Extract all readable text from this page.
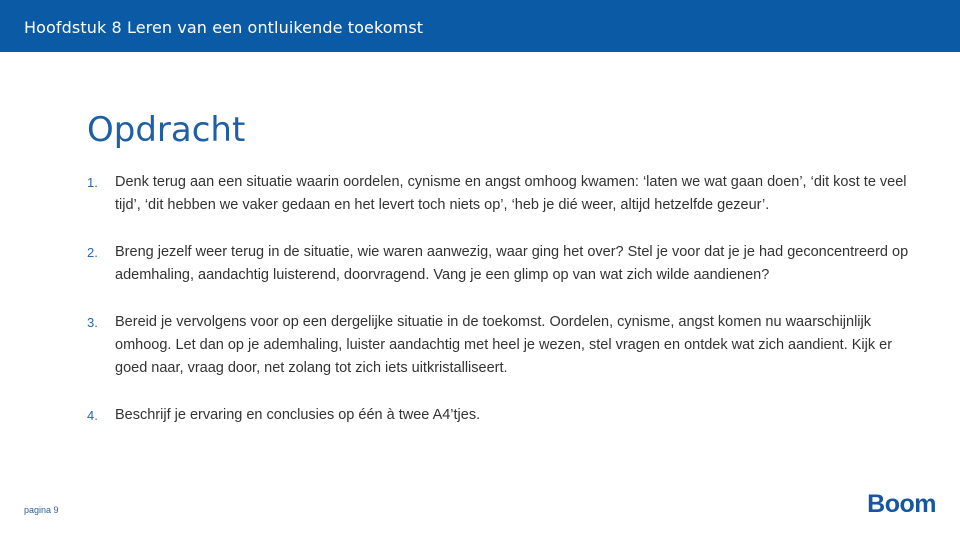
Hoofdstuk 8 Leren van een ontluikende toekomst
Opdracht
1.	Denk terug aan een situatie waarin oordelen, cynisme en angst omhoog kwamen: ‘laten we wat gaan doen’, ‘dit kost te veel tijd’, ‘dit hebben we vaker gedaan en het levert toch niets op’, ‘heb je dié weer, altijd hetzelfde gezeur’.
2.	Breng jezelf weer terug in de situatie, wie waren aanwezig, waar ging het over? Stel je voor dat je je had geconcentreerd op ademhaling, aandachtig luisterend, doorvragend. Vang je een glimp op van wat zich wilde aandienen?
3.	Bereid je vervolgens voor op een dergelijke situatie in de toekomst. Oordelen, cynisme, angst komen nu waarschijnlijk omhoog. Let dan op je ademhaling, luister aandachtig met heel je wezen, stel vragen en ontdek wat zich aandient. Kijk er goed naar, vraag door, net zolang tot zich iets uitkristalliseert.
4.	Beschrijf je ervaring en conclusies op één à twee A4’tjes.
pagina 9	Boom
